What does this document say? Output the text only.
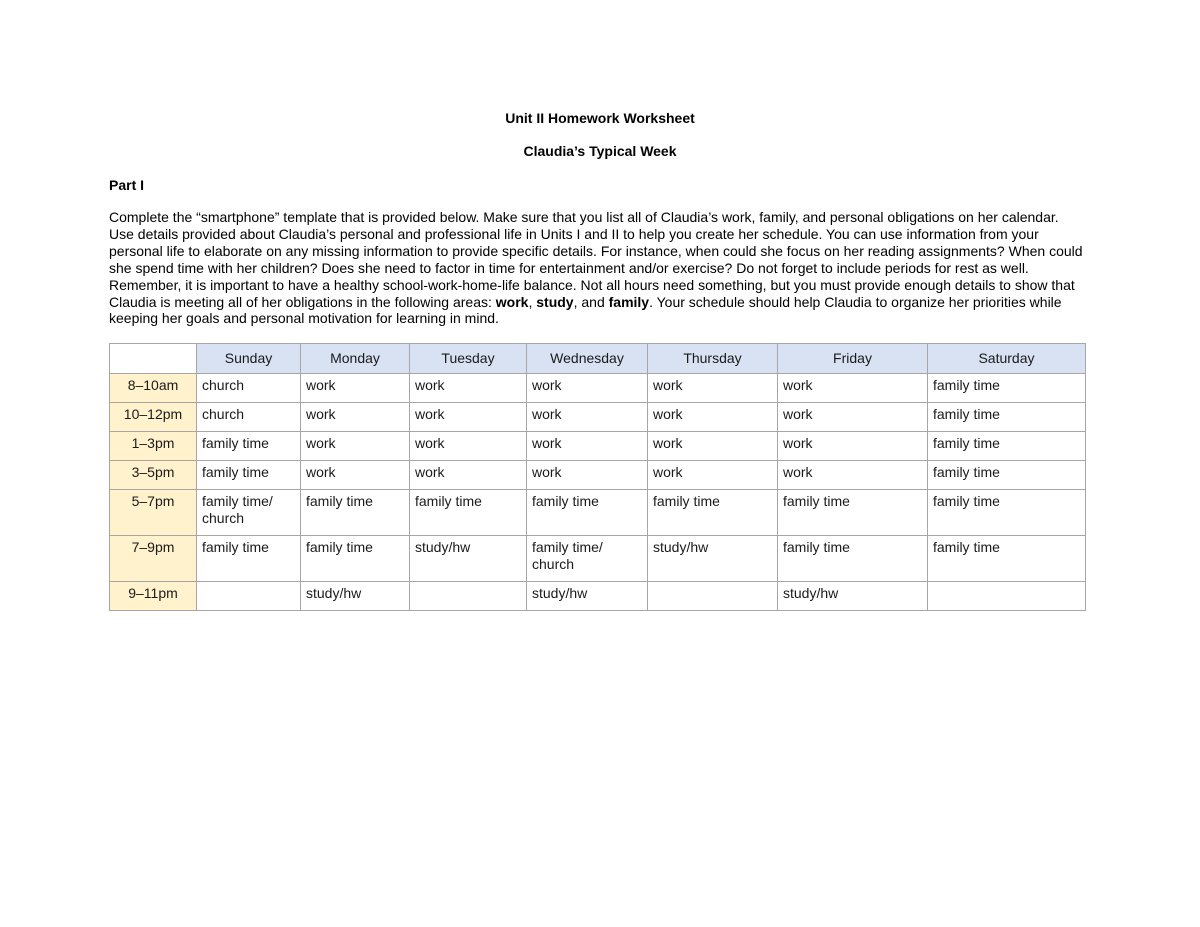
Unit II Homework Worksheet
Claudia’s Typical Week
Part I

Complete the “smartphone” template that is provided below. Make sure that you list all of Claudia’s work, family, and personal obligations on her calendar. Use details provided about Claudia’s personal and professional life in Units I and II to help you create her schedule. You can use information from your personal life to elaborate on any missing information to provide specific details. For instance, when could she focus on her reading assignments? When could she spend time with her children? Does she need to factor in time for entertainment and/or exercise? Do not forget to include periods for rest as well. Remember, it is important to have a healthy school-work-home-life balance. Not all hours need something, but you must provide enough details to show that Claudia is meeting all of her obligations in the following areas: work, study, and family. Your schedule should help Claudia to organize her priorities while keeping her goals and personal motivation for learning in mind.

	Sunday	Monday	Tuesday	Wednesday	Thursday	Friday	Saturday
8–10am	church	work	work	work	work	work	family time
10–12pm	church	work	work	work	work	work	family time
1–3pm	family time	work	work	work	work	work	family time
3–5pm	family time	work	work	work	work	work	family time
5–7pm	family time/ church	family time	family time	family time	family time	family time	family time
7–9pm	family time	family time	study/hw	family time/ church	study/hw	family time	family time
9–11pm		study/hw		study/hw		study/hw	
